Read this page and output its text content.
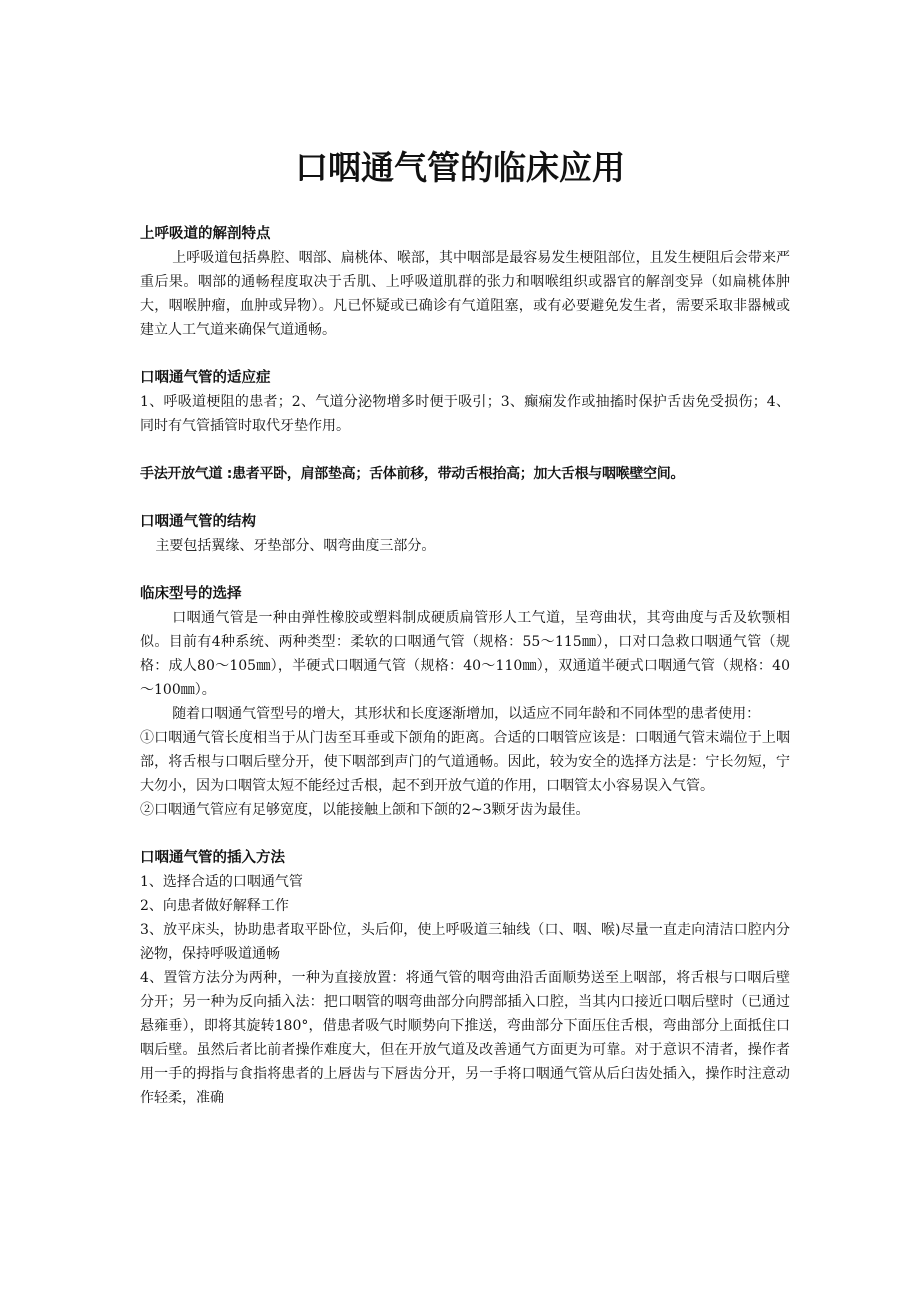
口咽通气管的临床应用

上呼吸道的解剖特点

上呼吸道包括鼻腔、咽部、扁桃体、喉部，其中咽部是最容易发生梗阻部位，且发生梗阻后会带来严重后果。咽部的通畅程度取决于舌肌、上呼吸道肌群的张力和咽喉组织或器官的解剖变异（如扁桃体肿大，咽喉肿瘤，血肿或异物）。凡已怀疑或已确诊有气道阻塞，或有必要避免发生者，需要采取非器械或建立人工气道来确保气道通畅。

口咽通气管的适应症

1、呼吸道梗阻的患者；2、气道分泌物增多时便于吸引；3、癫痫发作或抽搐时保护舌齿免受损伤；4、同时有气管插管时取代牙垫作用。

手法开放气道 :患者平卧，肩部垫高；舌体前移，带动舌根抬高；加大舌根与咽喉壁空间。

口咽通气管的结构

主要包括翼缘、牙垫部分、咽弯曲度三部分。

临床型号的选择

口咽通气管是一种由弹性橡胶或塑料制成硬质扁管形人工气道，呈弯曲状，其弯曲度与舌及软颚相似。目前有4种系统、两种类型：柔软的口咽通气管（规格：55～115㎜），口对口急救口咽通气管（规格：成人80～105㎜），半硬式口咽通气管（规格：40～110㎜），双通道半硬式口咽通气管（规格：40～100㎜）。

随着口咽通气管型号的增大，其形状和长度逐渐增加，以适应不同年龄和不同体型的患者使用：

①口咽通气管长度相当于从门齿至耳垂或下颌角的距离。合适的口咽管应该是：口咽通气管末端位于上咽部，将舌根与口咽后壁分开，使下咽部到声门的气道通畅。因此，较为安全的选择方法是：宁长勿短，宁大勿小，因为口咽管太短不能经过舌根，起不到开放气道的作用，口咽管太小容易误入气管。

②口咽通气管应有足够宽度，以能接触上颌和下颌的2~3颗牙齿为最佳。

口咽通气管的插入方法

1、选择合适的口咽通气管

2、向患者做好解释工作

3、放平床头，协助患者取平卧位，头后仰，使上呼吸道三轴线（口、咽、喉)尽量一直走向清洁口腔内分泌物，保持呼吸道通畅

4、置管方法分为两种，一种为直接放置：将通气管的咽弯曲沿舌面顺势送至上咽部，将舌根与口咽后壁分开；另一种为反向插入法：把口咽管的咽弯曲部分向腭部插入口腔，当其内口接近口咽后壁时（已通过悬雍垂），即将其旋转180°，借患者吸气时顺势向下推送，弯曲部分下面压住舌根，弯曲部分上面抵住口咽后壁。虽然后者比前者操作难度大，但在开放气道及改善通气方面更为可靠。对于意识不清者，操作者用一手的拇指与食指将患者的上唇齿与下唇齿分开，另一手将口咽通气管从后臼齿处插入，操作时注意动作轻柔，准确
